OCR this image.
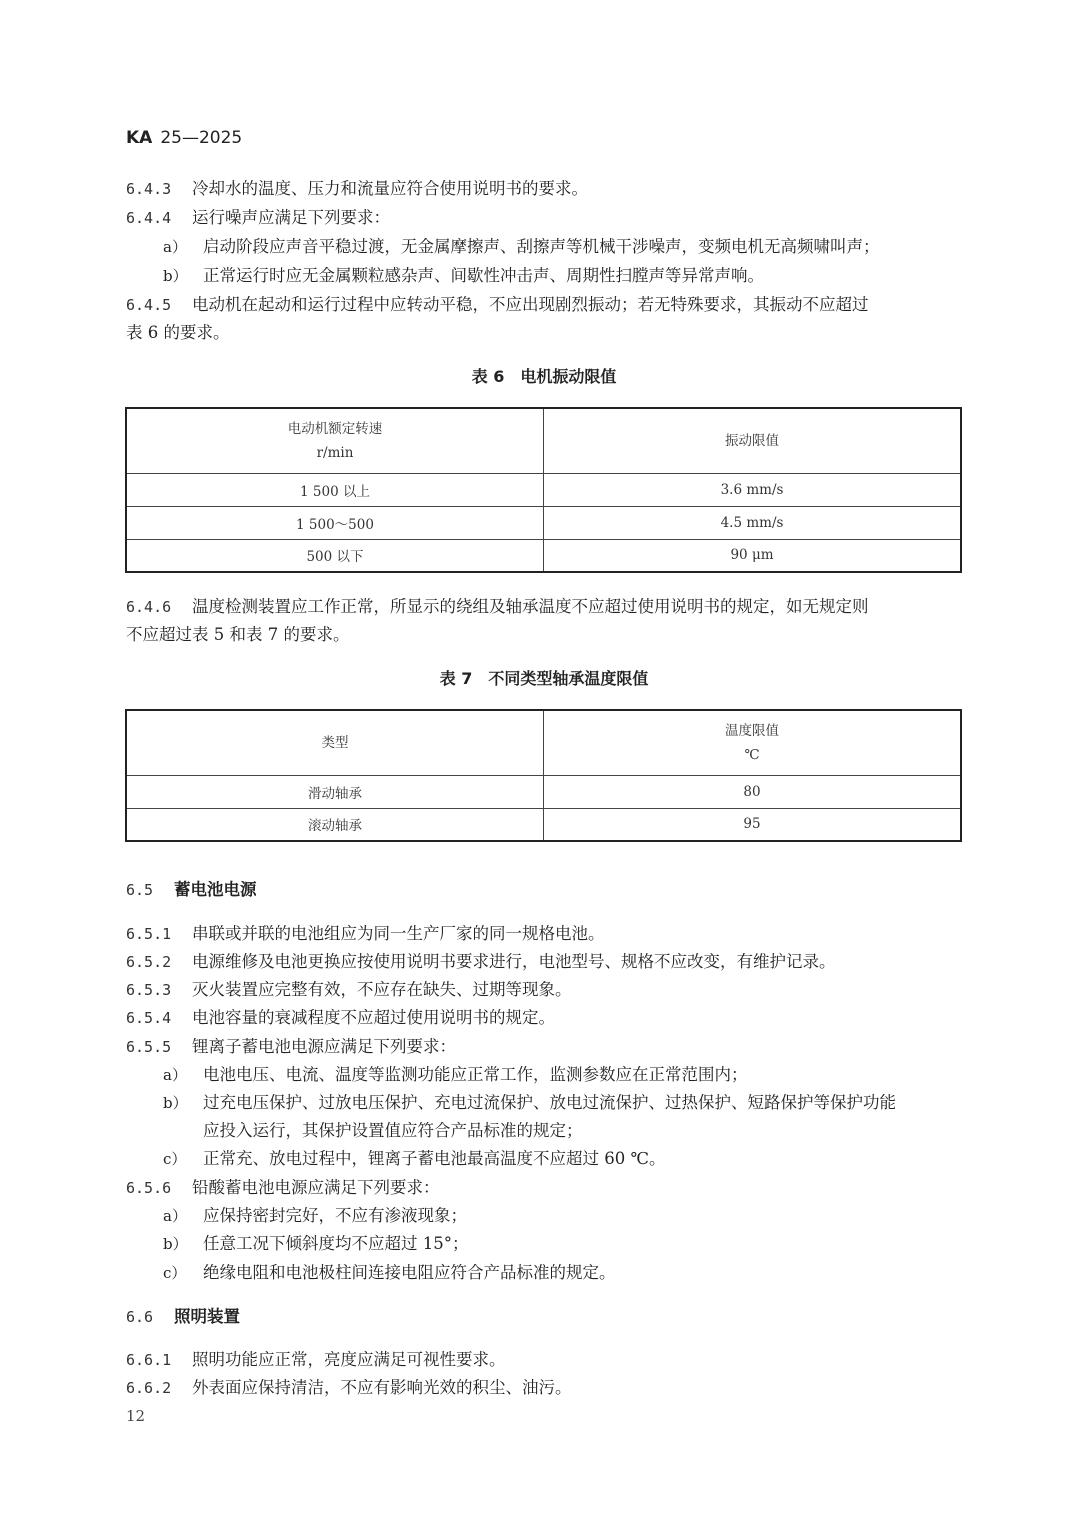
KA 25—2025
6.4.3 冷却水的温度、压力和流量应符合使用说明书的要求。
6.4.4 运行噪声应满足下列要求：
a） 启动阶段应声音平稳过渡，无金属摩擦声、刮擦声等机械干涉噪声，变频电机无高频啸叫声；
b） 正常运行时应无金属颗粒感杂声、间歇性冲击声、周期性扫膛声等异常声响。
6.4.5 电动机在起动和运行过程中应转动平稳，不应出现剧烈振动；若无特殊要求，其振动不应超过
表 6 的要求。
表 6　电机振动限值
电动机额定转速
r/min	振动限值
1 500 以上	3.6 mm/s
1 500～500	4.5 mm/s
500 以下	90 μm
6.4.6 温度检测装置应工作正常，所显示的绕组及轴承温度不应超过使用说明书的规定，如无规定则
不应超过表 5 和表 7 的要求。
表 7　不同类型轴承温度限值
类型	温度限值
℃

滑动轴承	80
滚动轴承	95
6.5 蓄电池电源
6.5.1 串联或并联的电池组应为同一生产厂家的同一规格电池。
6.5.2 电源维修及电池更换应按使用说明书要求进行，电池型号、规格不应改变，有维护记录。
6.5.3 灭火装置应完整有效，不应存在缺失、过期等现象。
6.5.4 电池容量的衰减程度不应超过使用说明书的规定。
6.5.5 锂离子蓄电池电源应满足下列要求：
a） 电池电压、电流、温度等监测功能应正常工作，监测参数应在正常范围内；
b） 过充电压保护、过放电压保护、充电过流保护、放电过流保护、过热保护、短路保护等保护功能
应投入运行，其保护设置值应符合产品标准的规定；
c） 正常充、放电过程中，锂离子蓄电池最高温度不应超过 60 ℃。
6.5.6 铅酸蓄电池电源应满足下列要求：
a） 应保持密封完好，不应有渗液现象；
b） 任意工况下倾斜度均不应超过 15°；
c） 绝缘电阻和电池极柱间连接电阻应符合产品标准的规定。
6.6 照明装置
6.6.1 照明功能应正常，亮度应满足可视性要求。
6.6.2 外表面应保持清洁，不应有影响光效的积尘、油污。
12
